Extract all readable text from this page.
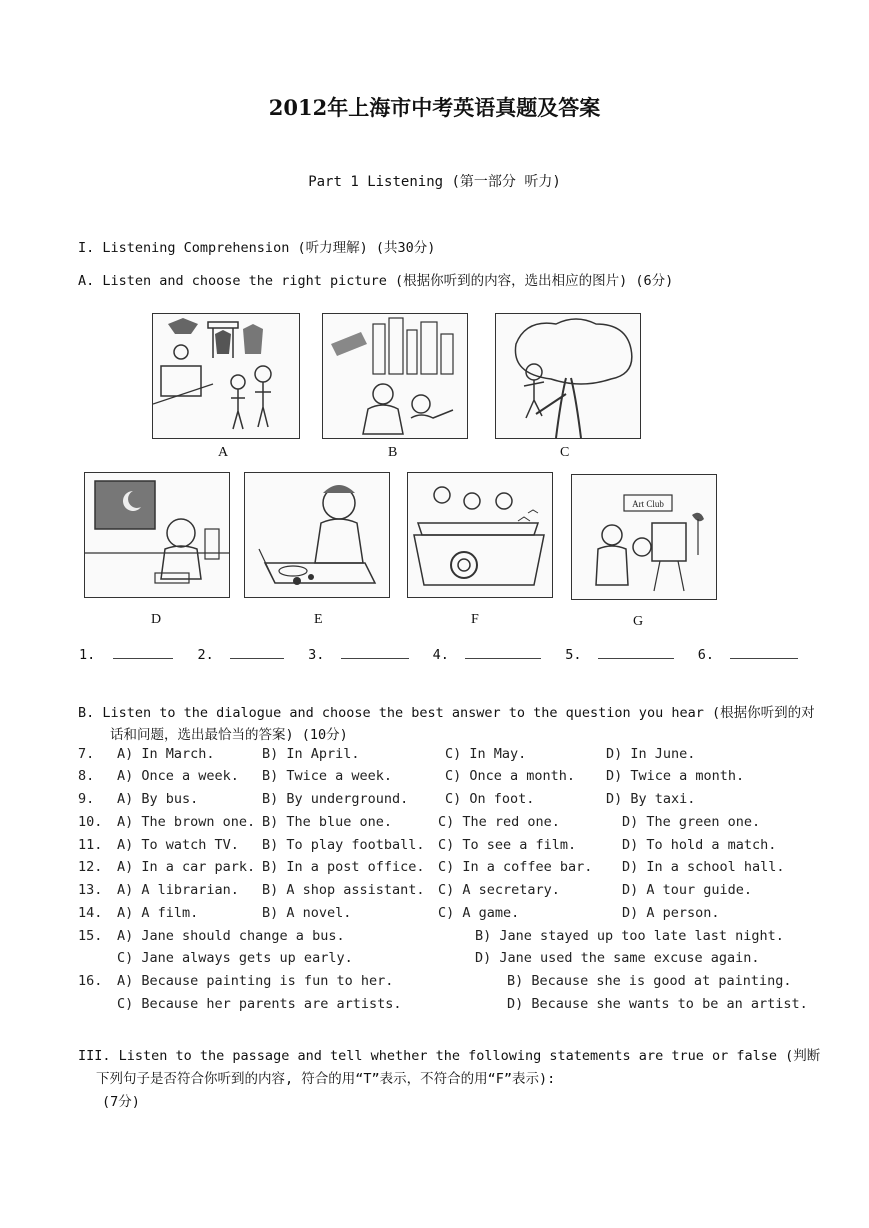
2012年上海市中考英语真题及答案
Part 1 Listening (第一部分 听力)
I. Listening Comprehension (听力理解) (共30分)
A. Listen and choose the right picture (根据你听到的内容，选出相应的图片) (6分)
A	B	C
D	E	F
Art Club
G
1.	2.	3.	4.	5.	6.
B. Listen to the dialogue and choose the best answer to the question you hear (根据你听到的对
话和问题，选出最恰当的答案) (10分)
7. A) In March.	B) In April.	C) In May.	D) In June.
8. A) Once a week. B) Twice a week.	C) Once a month. D) Twice a month.
9. A) By bus.	B) By underground.	C) On foot.	D) By taxi.
10. A) The brown one. B) The blue one.	C) The red one.	D) The green one.
11. A) To watch TV. B) To play football. C) To see a film.	D) To hold a match.
12. A) In a car park. B) In a post office. C) In a coffee bar. D) In a school hall.
13. A) A librarian. B) A shop assistant. C) A secretary.	D) A tour guide.
14. A) A film.	B) A novel.	C) A game.	D) A person.
15. A) Jane should change a bus.	B) Jane stayed up too late last night.
C) Jane always gets up early.	D) Jane used the same excuse again.
16. A) Because painting is fun to her.	B) Because she is good at painting.
C) Because her parents are artists.	D) Because she wants to be an artist.
III. Listen to the passage and tell whether the following statements are true or false (判断
下列句子是否符合你听到的内容, 符合的用“T”表示，不符合的用“F”表示):
(7分)
